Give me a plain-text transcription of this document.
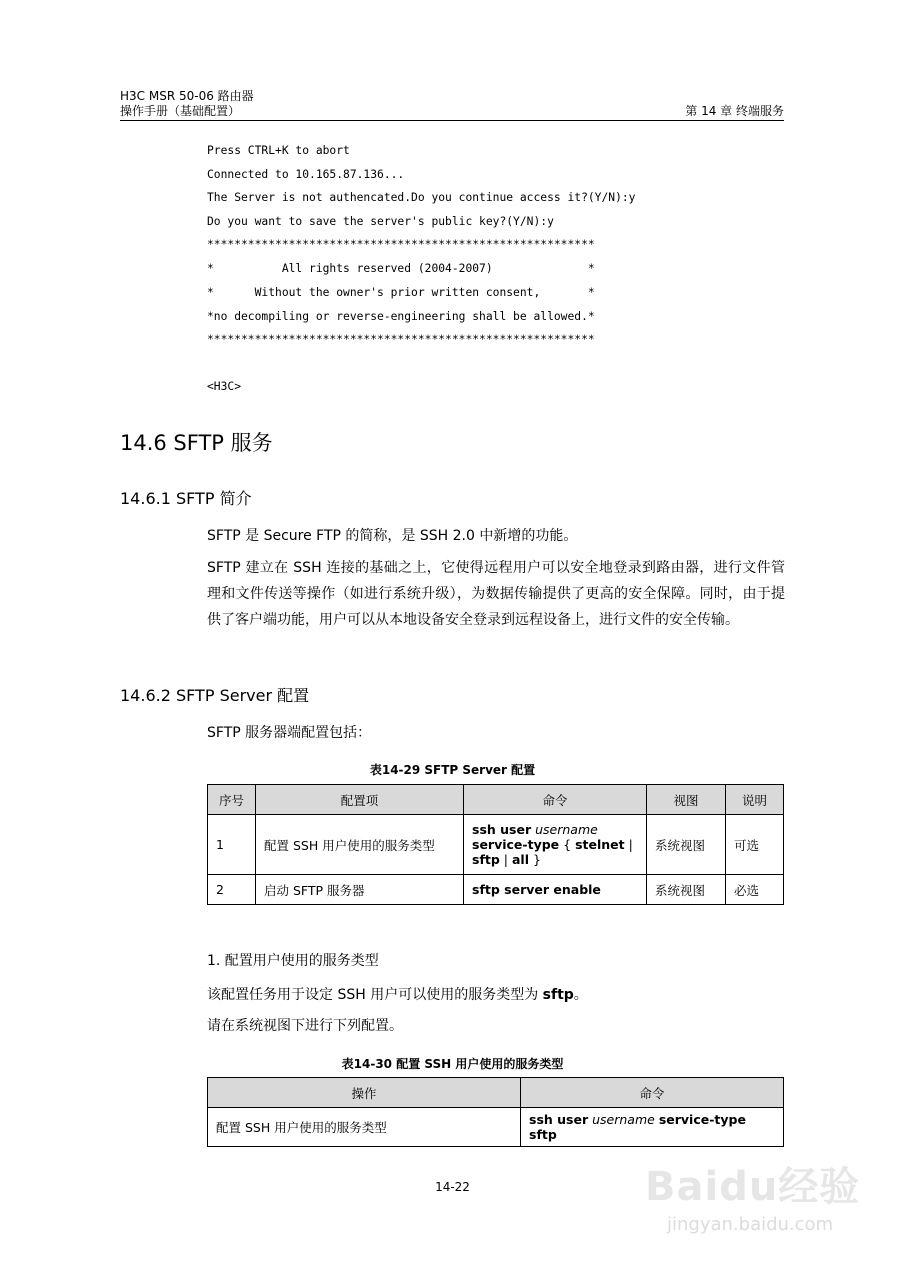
H3C MSR 50-06 路由器
操作手册（基础配置）	第 14 章 终端服务
Press CTRL+K to abort
Connected to 10.165.87.136...
The Server is not authencated.Do you continue access it?(Y/N):y
Do you want to save the server's public key?(Y/N):y
*********************************************************
*          All rights reserved (2004-2007)              *
*      Without the owner's prior written consent,       *
*no decompiling or reverse-engineering shall be allowed.*
*********************************************************
<H3C>
14.6 SFTP 服务
14.6.1 SFTP 简介
SFTP 是 Secure FTP 的简称，是 SSH 2.0 中新增的功能。
SFTP 建立在 SSH 连接的基础之上，它使得远程用户可以安全地登录到路由器，进行文件管理和文件传送等操作（如进行系统升级），为数据传输提供了更高的安全保障。同时，由于提供了客户端功能，用户可以从本地设备安全登录到远程设备上，进行文件的安全传输。
14.6.2 SFTP Server 配置
SFTP 服务器端配置包括：
表14-29 SFTP Server 配置
序号	配置项	命令	视图	说明
1	配置 SSH 用户使用的服务类型	ssh user username
service-type { stelnet |
sftp | all }	系统视图	可选
2	启动 SFTP 服务器	sftp server enable	系统视图	必选
1. 配置用户使用的服务类型
该配置任务用于设定 SSH 用户可以使用的服务类型为 sftp。
请在系统视图下进行下列配置。
表14-30 配置 SSH 用户使用的服务类型
操作	命令
配置 SSH 用户使用的服务类型	ssh user username service-type sftp
14-22	Baidu经验
jingyan.baidu.com
